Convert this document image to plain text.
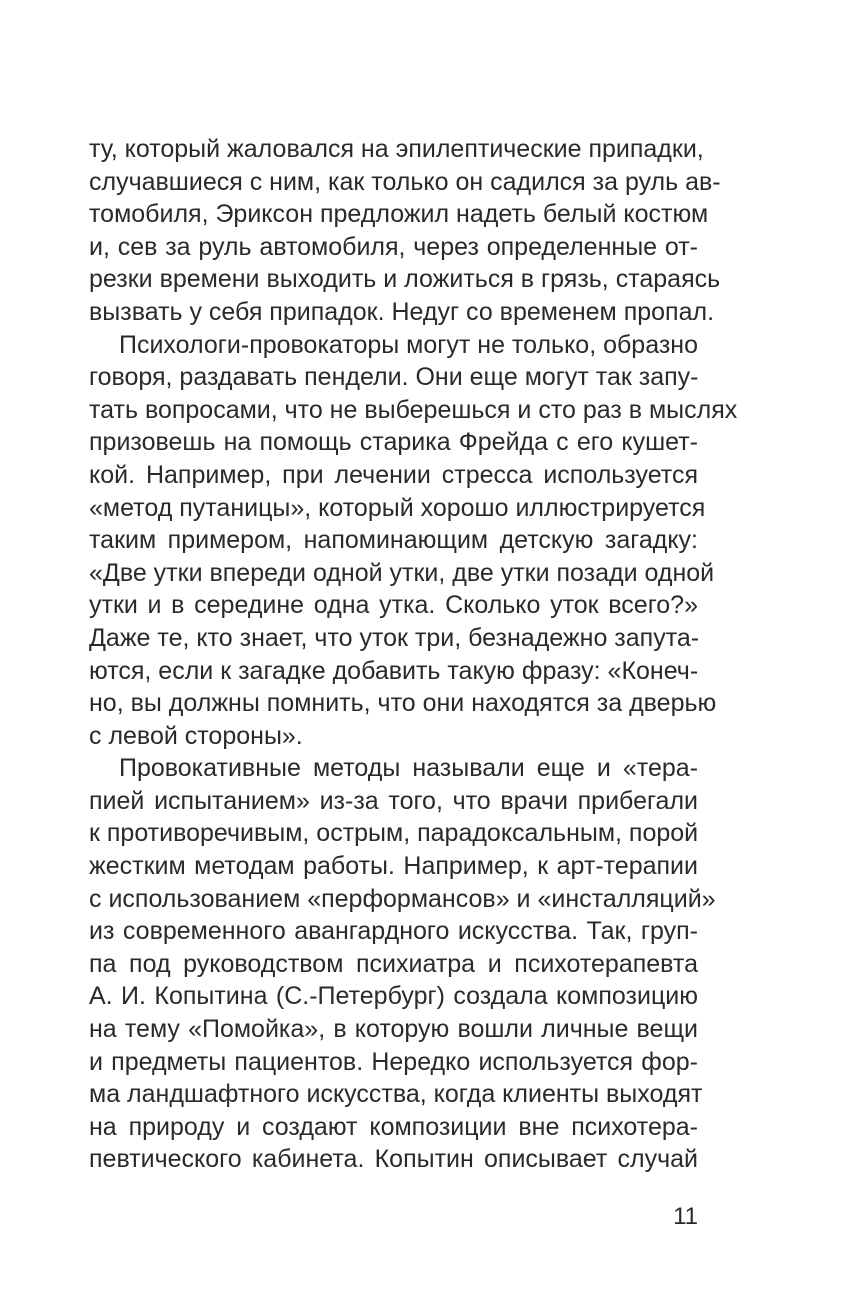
ту, который жаловался на эпилептические припадки,
случавшиеся с ним, как только он садился за руль ав-
томобиля, Эриксон предложил надеть белый костюм
и, сев за руль автомобиля, через определенные от-
резки времени выходить и ложиться в грязь, стараясь
вызвать у себя припадок. Недуг со временем пропал.
Психологи-провокаторы могут не только, образно
говоря, раздавать пендели. Они еще могут так запу-
тать вопросами, что не выберешься и сто раз в мыслях
призовешь на помощь старика Фрейда с его кушет-
кой. Например, при лечении стресса используется
«метод путаницы», который хорошо иллюстрируется
таким примером, напоминающим детскую загадку:
«Две утки впереди одной утки, две утки позади одной
утки и в середине одна утка. Сколько уток всего?»
Даже те, кто знает, что уток три, безнадежно запута-
ются, если к загадке добавить такую фразу: «Конеч-
но, вы должны помнить, что они находятся за дверью
с левой стороны».
Провокативные методы называли еще и «тера-
пией испытанием» из-за того, что врачи прибегали
к противоречивым, острым, парадоксальным, порой
жестким методам работы. Например, к арт-терапии
с использованием «перформансов» и «инсталляций»
из современного авангардного искусства. Так, груп-
па под руководством психиатра и психотерапевта
А. И. Копытина (С.-Петербург) создала композицию
на тему «Помойка», в которую вошли личные вещи
и предметы пациентов. Нередко используется фор-
ма ландшафтного искусства, когда клиенты выходят
на природу и создают композиции вне психотера-
певтического кабинета. Копытин описывает случай
11
